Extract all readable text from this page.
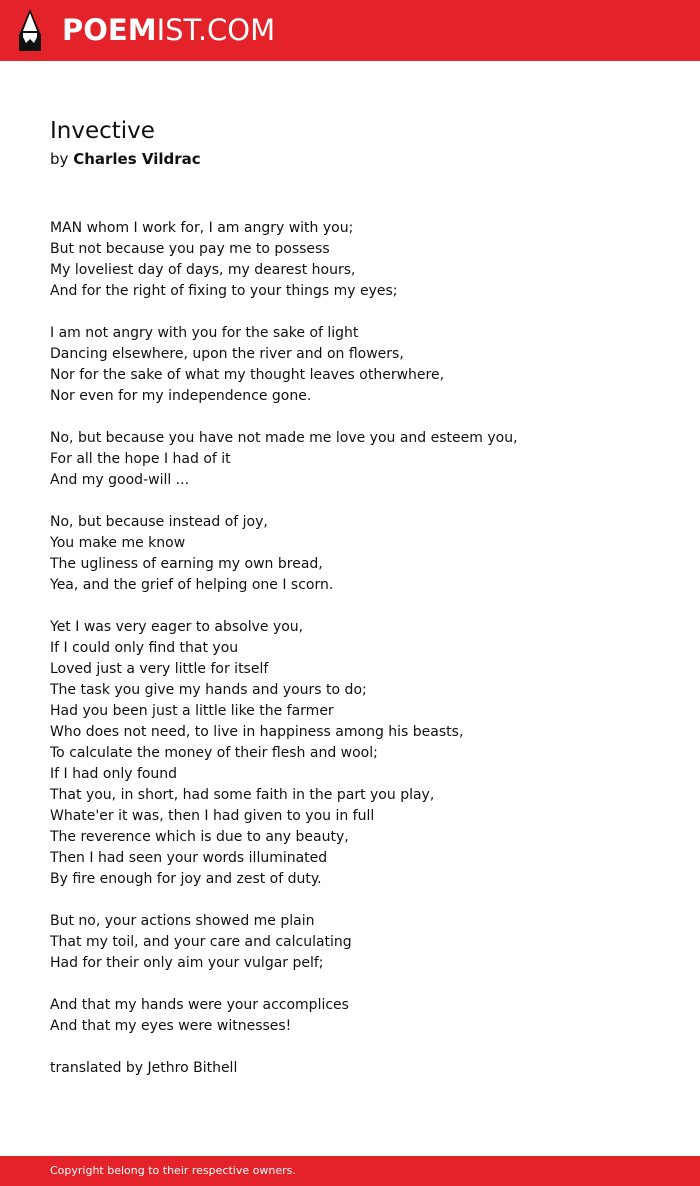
POEMIST.COM
Invective
by Charles Vildrac
MAN whom I work for, I am angry with you;
But not because you pay me to possess
My loveliest day of days, my dearest hours,
And for the right of fixing to your things my eyes;
I am not angry with you for the sake of light
Dancing elsewhere, upon the river and on flowers,
Nor for the sake of what my thought leaves otherwhere,
Nor even for my independence gone.
No, but because you have not made me love you and esteem you,
For all the hope I had of it
And my good-will ...
No, but because instead of joy,
You make me know
The ugliness of earning my own bread,
Yea, and the grief of helping one I scorn.
Yet I was very eager to absolve you,
If I could only find that you
Loved just a very little for itself
The task you give my hands and yours to do;
Had you been just a little like the farmer
Who does not need, to live in happiness among his beasts,
To calculate the money of their flesh and wool;
If I had only found
That you, in short, had some faith in the part you play,
Whate'er it was, then I had given to you in full
The reverence which is due to any beauty,
Then I had seen your words illuminated
By fire enough for joy and zest of duty.
But no, your actions showed me plain
That my toil, and your care and calculating
Had for their only aim your vulgar pelf;
And that my hands were your accomplices
And that my eyes were witnesses!
translated by Jethro Bithell
Copyright belong to their respective owners.
